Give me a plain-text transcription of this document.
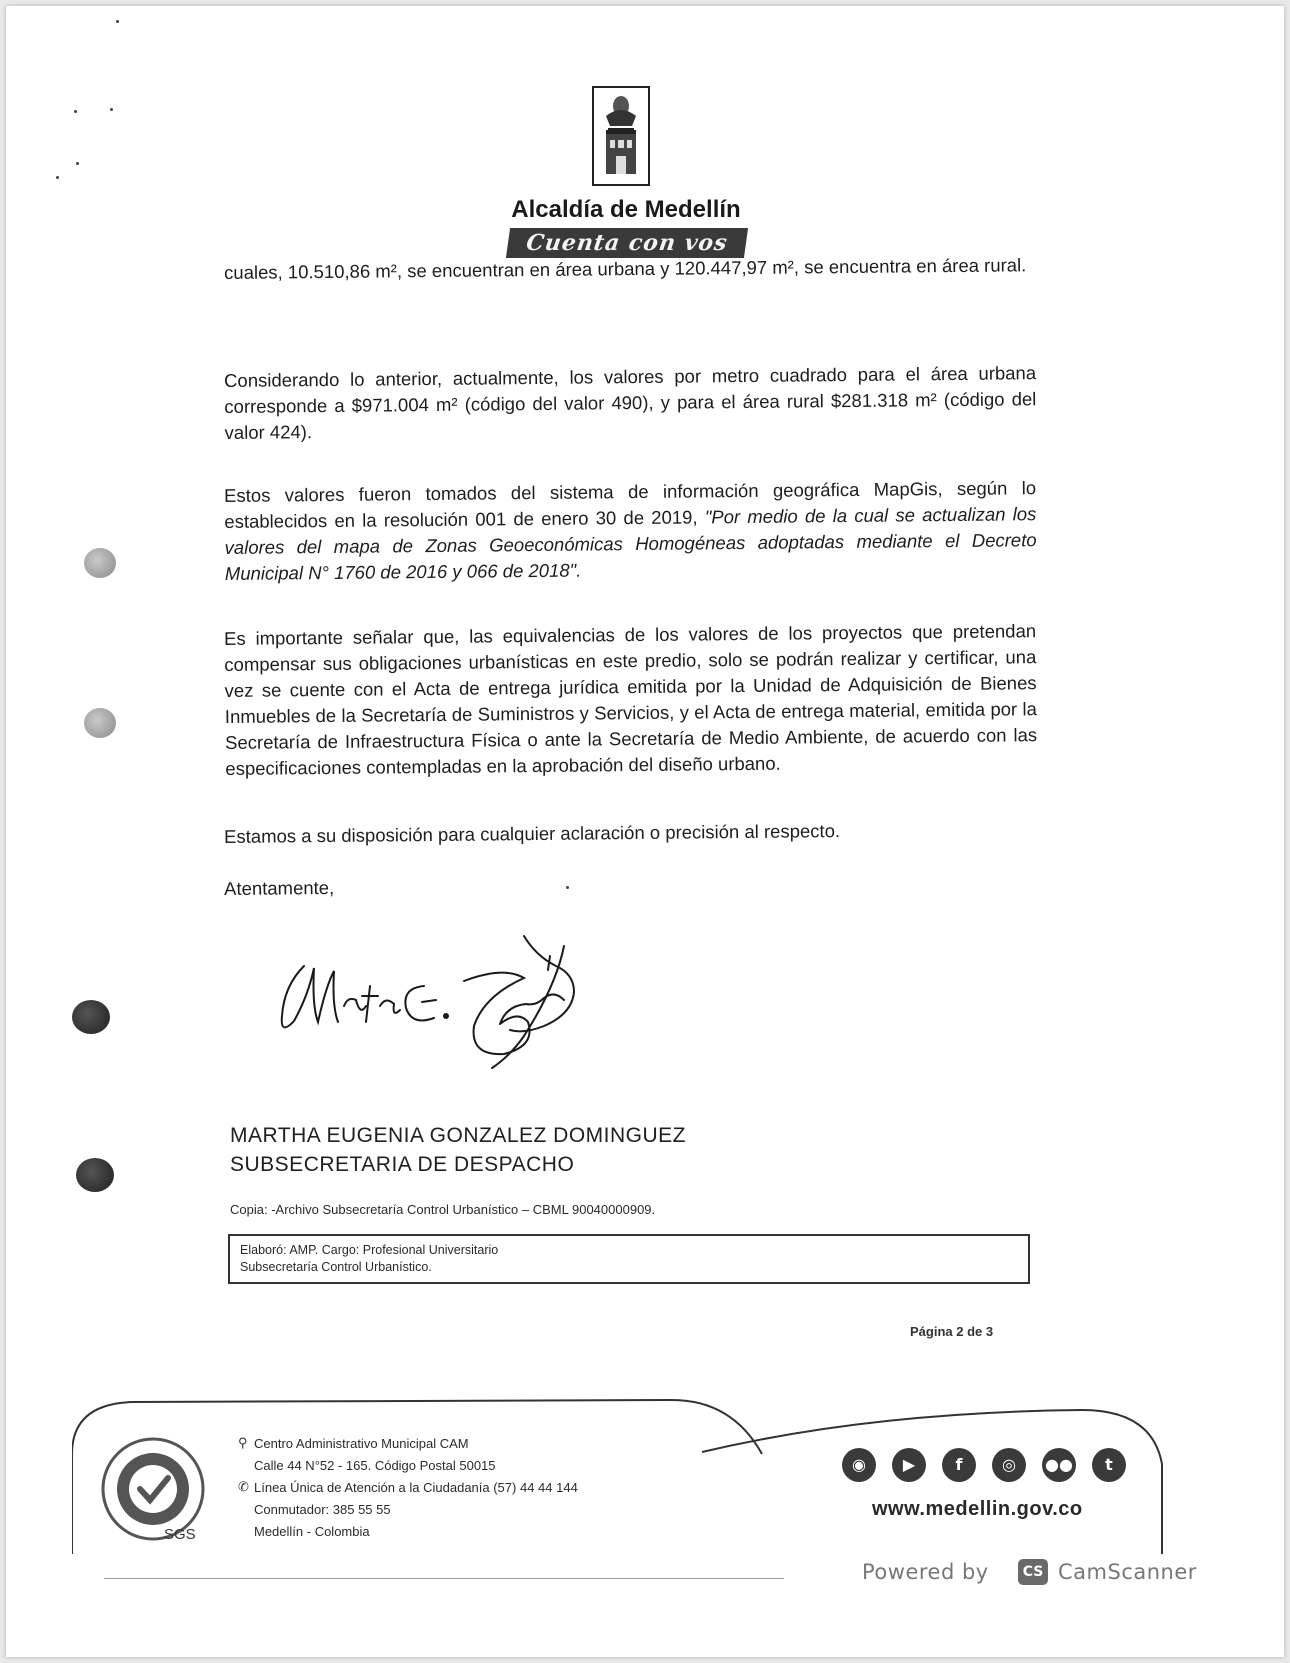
Alcaldía de Medellín
Cuenta con vos
cuales, 10.510,86 m², se encuentran en área urbana y 120.447,97 m², se encuentra en área rural.
Considerando lo anterior, actualmente, los valores por metro cuadrado para el área urbana corresponde a $971.004 m² (código del valor 490), y para el área rural $281.318 m² (código del valor 424).
Estos valores fueron tomados del sistema de información geográfica MapGis, según lo establecidos en la resolución 001 de enero 30 de 2019, "Por medio de la cual se actualizan los valores del mapa de Zonas Geoeconómicas Homogéneas adoptadas mediante el Decreto Municipal N° 1760 de 2016 y 066 de 2018".
Es importante señalar que, las equivalencias de los valores de los proyectos que pretendan compensar sus obligaciones urbanísticas en este predio, solo se podrán realizar y certificar, una vez se cuente con el Acta de entrega jurídica emitida por la Unidad de Adquisición de Bienes Inmuebles de la Secretaría de Suministros y Servicios, y el Acta de entrega material, emitida por la Secretaría de Infraestructura Física o ante la Secretaría de Medio Ambiente, de acuerdo con las especificaciones contempladas en la aprobación del diseño urbano.
Estamos a su disposición para cualquier aclaración o precisión al respecto.
Atentamente,
MARTHA EUGENIA GONZALEZ DOMINGUEZ
SUBSECRETARIA DE DESPACHO
Copia: -Archivo Subsecretaría Control Urbanístico – CBML 90040000909.
Elaboró: AMP. Cargo: Profesional Universitario
Subsecretaría Control Urbanístico.
Página 2 de 3
SGS
⚲
✆
Centro Administrativo Municipal CAM
Calle 44 N°52 - 165. Código Postal 50015
Línea Única de Atención a la Ciudadanía (57) 44 44 144
Conmutador: 385 55 55
Medellín - Colombia
◉	▶	f	◎	●●	t
www.medellin.gov.co
Powered by	CS CamScanner
